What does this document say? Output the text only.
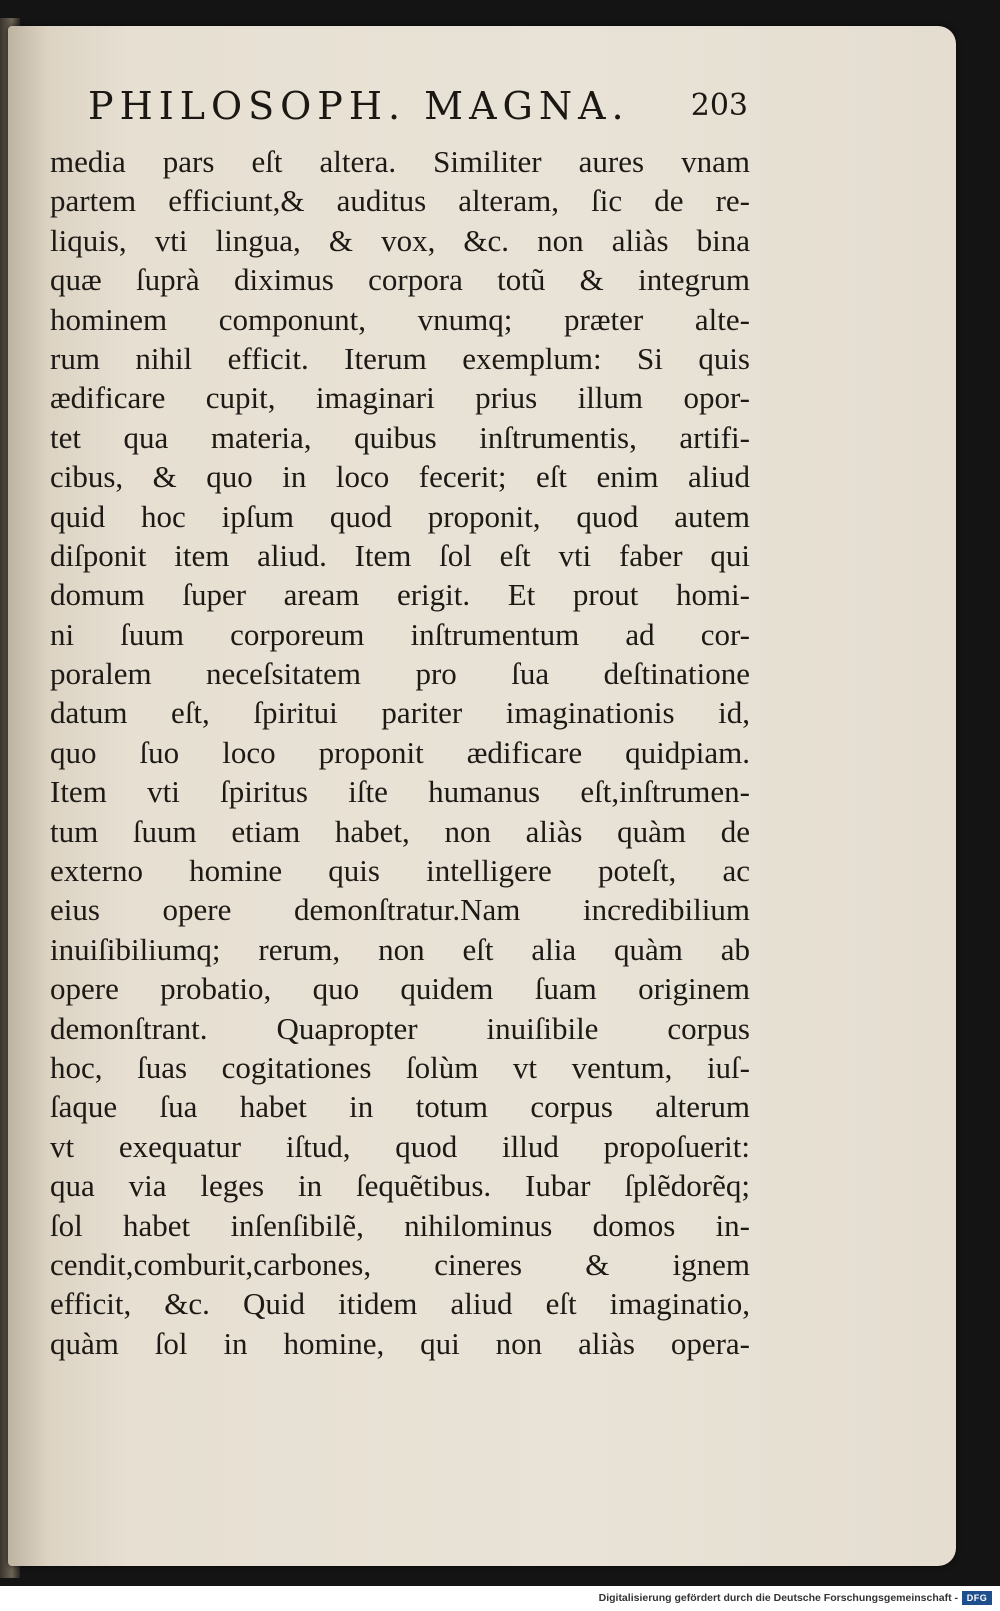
PHILOSOPH. MAGNA. 203
media pars eſt altera. Similiter aures vnam
partem efficiunt,& auditus alteram, ſic de re-
liquis, vti lingua, & vox, &c. non aliàs bina
quæ ſuprà diximus corpora totũ & integrum
hominem componunt, vnumq; præter alte-
rum nihil efficit. Iterum exemplum: Si quis
ædificare cupit, imaginari prius illum opor-
tet qua materia, quibus inſtrumentis, artifi-
cibus, & quo in loco fecerit; eſt enim aliud
quid hoc ipſum quod proponit, quod autem
diſponit item aliud. Item ſol eſt vti faber qui
domum ſuper aream erigit. Et prout homi-
ni ſuum corporeum inſtrumentum ad cor-
poralem neceſsitatem pro ſua deſtinatione
datum eſt, ſpiritui pariter imaginationis id,
quo ſuo loco proponit ædificare quidpiam.
Item vti ſpiritus iſte humanus eſt,inſtrumen-
tum ſuum etiam habet, non aliàs quàm de
externo homine quis intelligere poteſt, ac
eius opere demonſtratur.Nam incredibilium
inuiſibiliumq; rerum, non eſt alia quàm ab
opere probatio, quo quidem ſuam originem
demonſtrant. Quapropter inuiſibile corpus
hoc, ſuas cogitationes ſolùm vt ventum, iuſ-
ſaque ſua habet in totum corpus alterum
vt exequatur iſtud, quod illud propoſuerit:
qua via leges in ſequẽtibus. Iubar ſplẽdorẽq;
ſol habet inſenſibilẽ, nihilominus domos in-
cendit,comburit,carbones, cineres & ignem
efficit, &c. Quid itidem aliud eſt imaginatio,
quàm ſol in homine, qui non aliàs opera-
Digitalisierung gefördert durch die Deutsche Forschungsgemeinschaft - DFG
